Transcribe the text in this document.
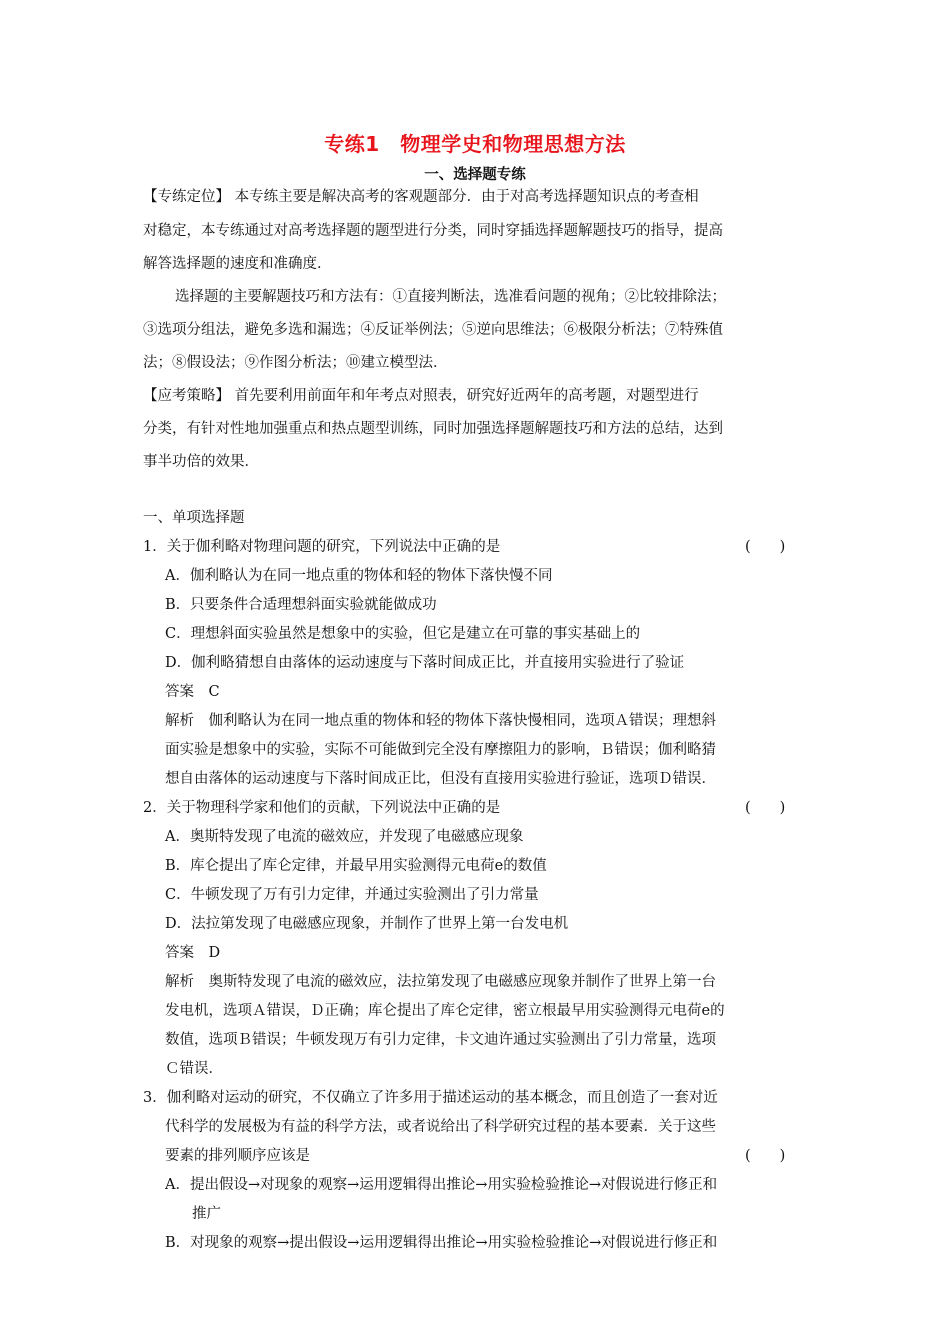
专练1　物理学史和物理思想方法
一、选择题专练
【专练定位】 本专练主要是解决高考的客观题部分．由于对高考选择题知识点的考查相
对稳定，本专练通过对高考选择题的题型进行分类，同时穿插选择题解题技巧的指导，提高
解答选择题的速度和准确度．
选择题的主要解题技巧和方法有：①直接判断法，选准看问题的视角；②比较排除法；
③选项分组法，避免多选和漏选；④反证举例法；⑤逆向思维法；⑥极限分析法；⑦特殊值
法；⑧假设法；⑨作图分析法；⑩建立模型法．
【应考策略】 首先要利用前面年和年考点对照表，研究好近两年的高考题，对题型进行
分类，有针对性地加强重点和热点题型训练，同时加强选择题解题技巧和方法的总结，达到
事半功倍的效果．
一、单项选择题
1．关于伽利略对物理问题的研究，下列说法中正确的是
A．伽利略认为在同一地点重的物体和轻的物体下落快慢不同
B．只要条件合适理想斜面实验就能做成功
C．理想斜面实验虽然是想象中的实验，但它是建立在可靠的事实基础上的
D．伽利略猜想自由落体的运动速度与下落时间成正比，并直接用实验进行了验证
答案　C
解析　伽利略认为在同一地点重的物体和轻的物体下落快慢相同，选项Ａ错误；理想斜
面实验是想象中的实验，实际不可能做到完全没有摩擦阻力的影响，Ｂ错误；伽利略猜
想自由落体的运动速度与下落时间成正比，但没有直接用实验进行验证，选项Ｄ错误．
2．关于物理科学家和他们的贡献，下列说法中正确的是
A．奥斯特发现了电流的磁效应，并发现了电磁感应现象
B．库仑提出了库仑定律，并最早用实验测得元电荷e的数值
C．牛顿发现了万有引力定律，并通过实验测出了引力常量
D．法拉第发现了电磁感应现象，并制作了世界上第一台发电机
答案　D
解析　奥斯特发现了电流的磁效应，法拉第发现了电磁感应现象并制作了世界上第一台
发电机，选项Ａ错误，Ｄ正确；库仑提出了库仑定律，密立根最早用实验测得元电荷e的
数值，选项Ｂ错误；牛顿发现万有引力定律，卡文迪许通过实验测出了引力常量，选项
Ｃ错误．
3．伽利略对运动的研究，不仅确立了许多用于描述运动的基本概念，而且创造了一套对近
代科学的发展极为有益的科学方法，或者说给出了科学研究过程的基本要素．关于这些
要素的排列顺序应该是
A．提出假设→对现象的观察→运用逻辑得出推论→用实验检验推论→对假说进行修正和
推广
B．对现象的观察→提出假设→运用逻辑得出推论→用实验检验推论→对假说进行修正和
(　　)
(　　)
(　　)
